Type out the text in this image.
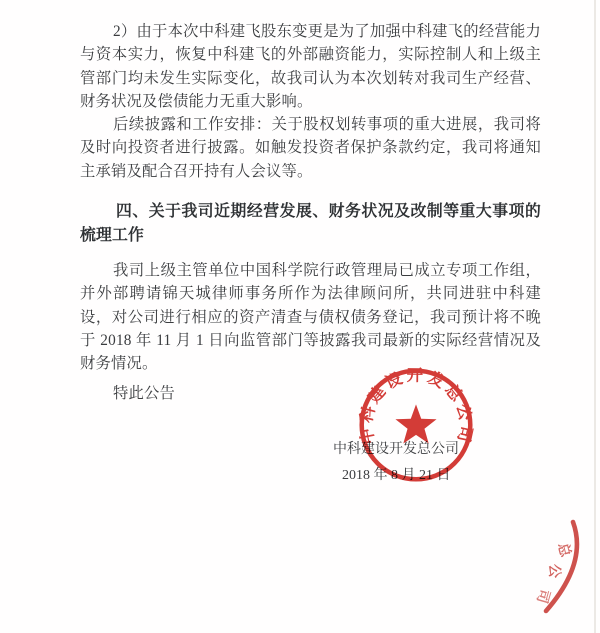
2）由于本次中科建飞股东变更是为了加强中科建飞的经营能力与资本实力，恢复中科建飞的外部融资能力，实际控制人和上级主管部门均未发生实际变化，故我司认为本次划转对我司生产经营、财务状况及偿债能力无重大影响。

后续披露和工作安排：关于股权划转事项的重大进展，我司将及时向投资者进行披露。如触发投资者保护条款约定，我司将通知主承销及配合召开持有人会议等。

四、关于我司近期经营发展、财务状况及改制等重大事项的梳理工作

我司上级主管单位中国科学院行政管理局已成立专项工作组，并外部聘请锦天城律师事务所作为法律顾问所，共同进驻中科建设，对公司进行相应的资产清查与债权债务登记，我司预计将不晚于 2018 年 11 月 1 日向监管部门等披露我司最新的实际经营情况及财务情况。

特此公告

中科建设开发总公司
2018 年 8 月 21 日
中科建设开发总公司
总
公
司
